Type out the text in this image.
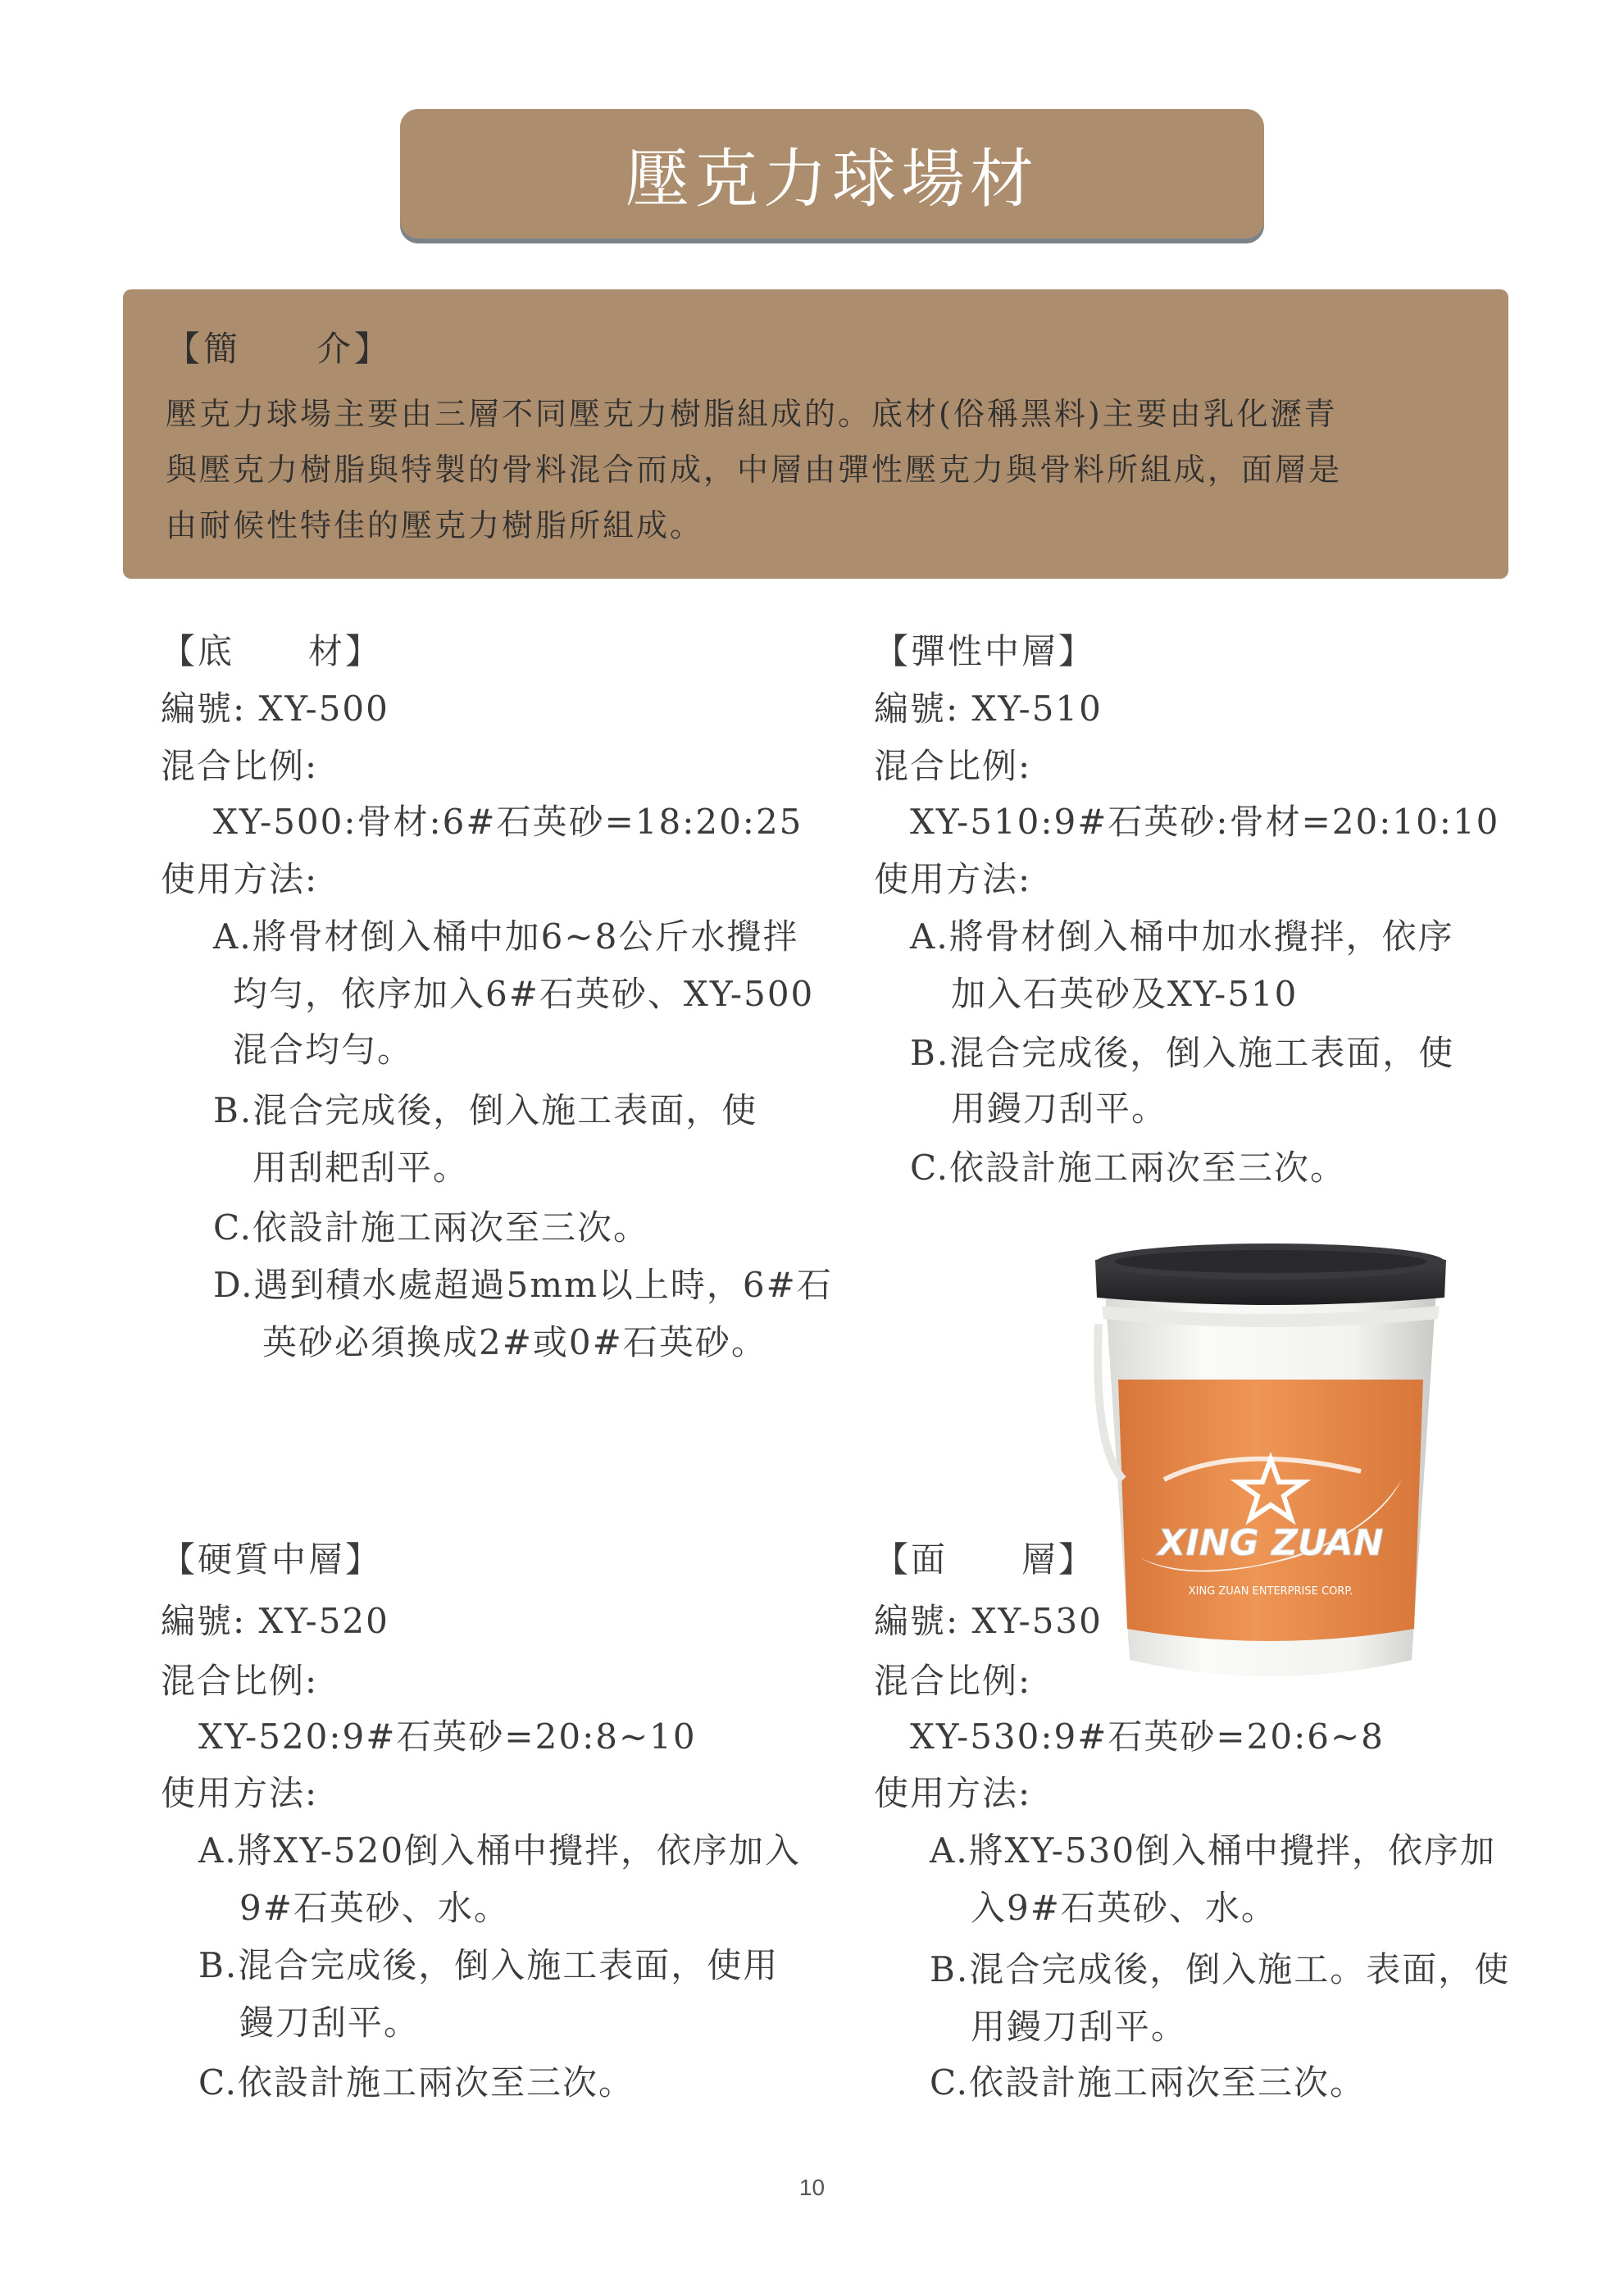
壓克力球場材
【簡　　介】
壓克力球場主要由三層不同壓克力樹脂組成的。底材(俗稱黑料)主要由乳化瀝青
與壓克力樹脂與特製的骨料混合而成，中層由彈性壓克力與骨料所組成，面層是
由耐候性特佳的壓克力樹脂所組成。
【底　　材】
編號: XY-500
混合比例:
XY-500:骨材:6#石英砂=18:20:25
使用方法:
A.將骨材倒入桶中加6~8公斤水攪拌
均勻，依序加入6#石英砂、XY-500
混合均勻。
B.混合完成後，倒入施工表面，使
用刮耙刮平。
C.依設計施工兩次至三次。
D.遇到積水處超過5mm以上時，6#石
英砂必須換成2#或0#石英砂。
【彈性中層】
編號: XY-510
混合比例:
XY-510:9#石英砂:骨材=20:10:10
使用方法:
A.將骨材倒入桶中加水攪拌，依序
加入石英砂及XY-510
B.混合完成後，倒入施工表面，使
用鏝刀刮平。
C.依設計施工兩次至三次。
【硬質中層】
編號: XY-520
混合比例:
XY-520:9#石英砂=20:8~10
使用方法:
A.將XY-520倒入桶中攪拌，依序加入
9#石英砂、水。
B.混合完成後，倒入施工表面，使用
鏝刀刮平。
C.依設計施工兩次至三次。
【面　　層】
編號: XY-530
混合比例:
XY-530:9#石英砂=20:6~8
使用方法:
A.將XY-530倒入桶中攪拌，依序加
入9#石英砂、水。
B.混合完成後，倒入施工。表面，使
用鏝刀刮平。
C.依設計施工兩次至三次。
XING ZUAN
XING ZUAN ENTERPRISE CORP.
10
